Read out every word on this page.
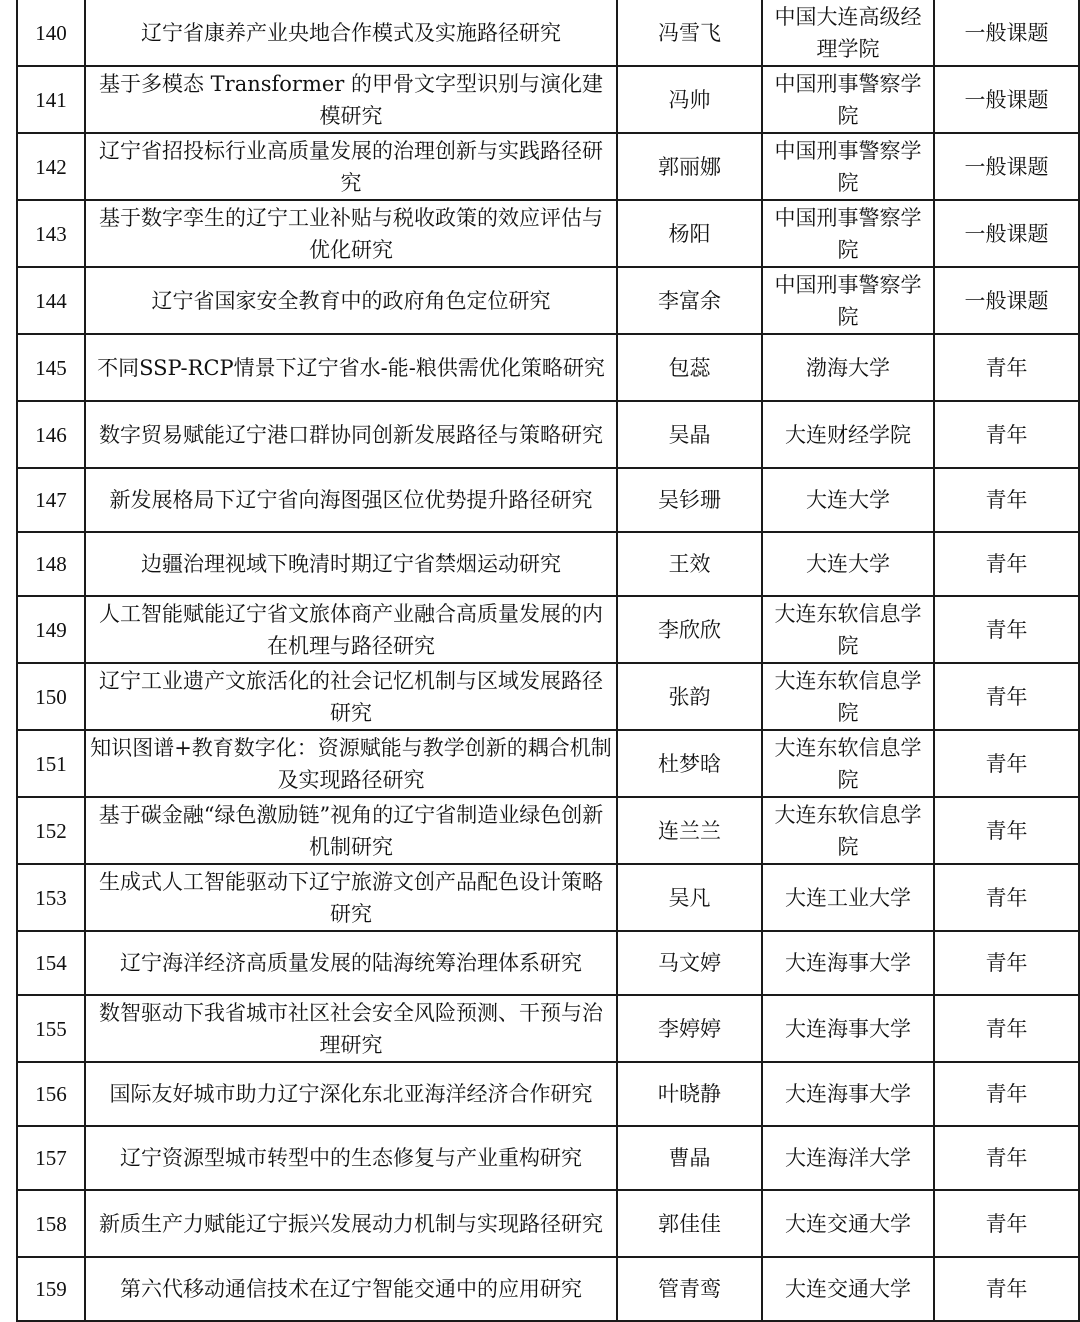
140	辽宁省康养产业央地合作模式及实施路径研究	冯雪飞	中国大连高级经理学院	一般课题
141	基于多模态 Transformer 的甲骨文字型识别与演化建模研究	冯帅	中国刑事警察学院	一般课题
142	辽宁省招投标行业高质量发展的治理创新与实践路径研究	郭丽娜	中国刑事警察学院	一般课题
143	基于数字孪生的辽宁工业补贴与税收政策的效应评估与优化研究	杨阳	中国刑事警察学院	一般课题
144	辽宁省国家安全教育中的政府角色定位研究	李富余	中国刑事警察学院	一般课题
145	不同SSP-RCP情景下辽宁省水-能-粮供需优化策略研究	包蕊	渤海大学	青年
146	数字贸易赋能辽宁港口群协同创新发展路径与策略研究	吴晶	大连财经学院	青年
147	新发展格局下辽宁省向海图强区位优势提升路径研究	吴钐珊	大连大学	青年
148	边疆治理视域下晚清时期辽宁省禁烟运动研究	王效	大连大学	青年
149	人工智能赋能辽宁省文旅体商产业融合高质量发展的内在机理与路径研究	李欣欣	大连东软信息学院	青年
150	辽宁工业遗产文旅活化的社会记忆机制与区域发展路径研究	张韵	大连东软信息学院	青年
151	知识图谱+教育数字化：资源赋能与教学创新的耦合机制及实现路径研究	杜梦晗	大连东软信息学院	青年
152	基于碳金融“绿色激励链”视角的辽宁省制造业绿色创新机制研究	连兰兰	大连东软信息学院	青年
153	生成式人工智能驱动下辽宁旅游文创产品配色设计策略研究	吴凡	大连工业大学	青年
154	辽宁海洋经济高质量发展的陆海统筹治理体系研究	马文婷	大连海事大学	青年
155	数智驱动下我省城市社区社会安全风险预测、干预与治理研究	李婷婷	大连海事大学	青年
156	国际友好城市助力辽宁深化东北亚海洋经济合作研究	叶晓静	大连海事大学	青年
157	辽宁资源型城市转型中的生态修复与产业重构研究	曹晶	大连海洋大学	青年
158	新质生产力赋能辽宁振兴发展动力机制与实现路径研究	郭佳佳	大连交通大学	青年
159	第六代移动通信技术在辽宁智能交通中的应用研究	管青鸾	大连交通大学	青年
